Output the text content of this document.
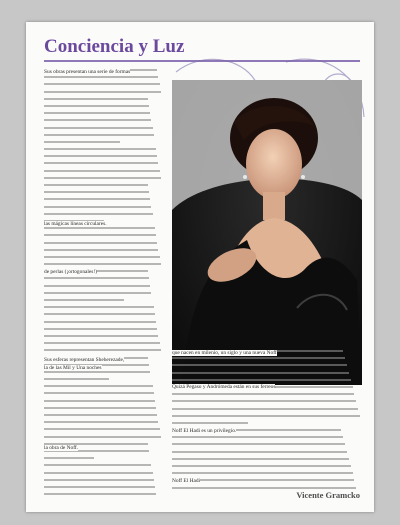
Conciencia y Luz
Sus obras presentan una serie de formas
las mágicas líneas circulares.
de perlas (¡ortogonales!)
Sus esferas representan Sheherezade,
la de las Mil y Una noches
la obra de Noff.
que nacen en milenio, un siglo y una nueva Noff
Quizá Pegaso y Andrómeda están en sus ferreos
Noff El Hadi es un privilegio.
Noff El Hadi
Vicente Gramcko
